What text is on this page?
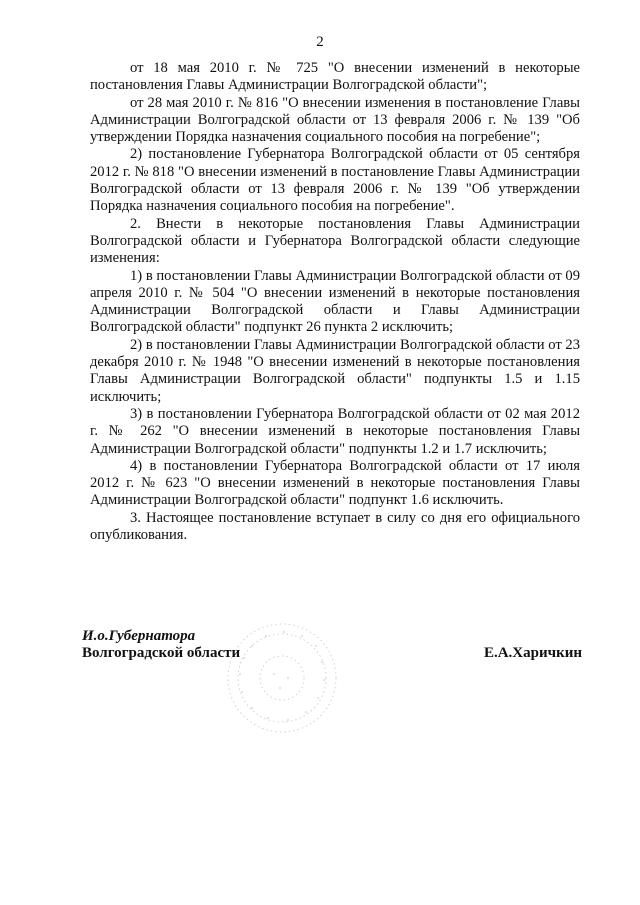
2

от 18 мая 2010 г. № 725 "О внесении изменений в некоторые постановления Главы Администрации Волгоградской области";

от 28 мая 2010 г. № 816 "О внесении изменения в постановление Главы Администрации Волгоградской области от 13 февраля 2006 г. № 139 "Об утверждении Порядка назначения социального пособия на погребение";

2) постановление Губернатора Волгоградской области от 05 сентября 2012 г. № 818 "О внесении изменений в постановление Главы Администрации Волгоградской области от 13 февраля 2006 г. № 139 "Об утверждении Порядка назначения социального пособия на погребение".

2. Внести в некоторые постановления Главы Администрации Волгоградской области и Губернатора Волгоградской области следующие изменения:

1) в постановлении Главы Администрации Волгоградской области от 09 апреля 2010 г. № 504 "О внесении изменений в некоторые постановления Администрации Волгоградской области и Главы Администрации Волгоградской области" подпункт 26 пункта 2 исключить;

2) в постановлении Главы Администрации Волгоградской области от 23 декабря 2010 г. № 1948 "О внесении изменений в некоторые постановления Главы Администрации Волгоградской области" подпункты 1.5 и 1.15 исключить;

3) в постановлении Губернатора Волгоградской области от 02 мая 2012 г. № 262 "О внесении изменений в некоторые постановления Главы Администрации Волгоградской области" подпункты 1.2 и 1.7 исключить;

4) в постановлении Губернатора Волгоградской области от 17 июля 2012 г. № 623 "О внесении изменений в некоторые постановления Главы Администрации Волгоградской области" подпункт 1.6 исключить.

3. Настоящее постановление вступает в силу со дня его официального опубликования.

И.о.Губернатора
Волгоградской области	Е.А.Харичкин
